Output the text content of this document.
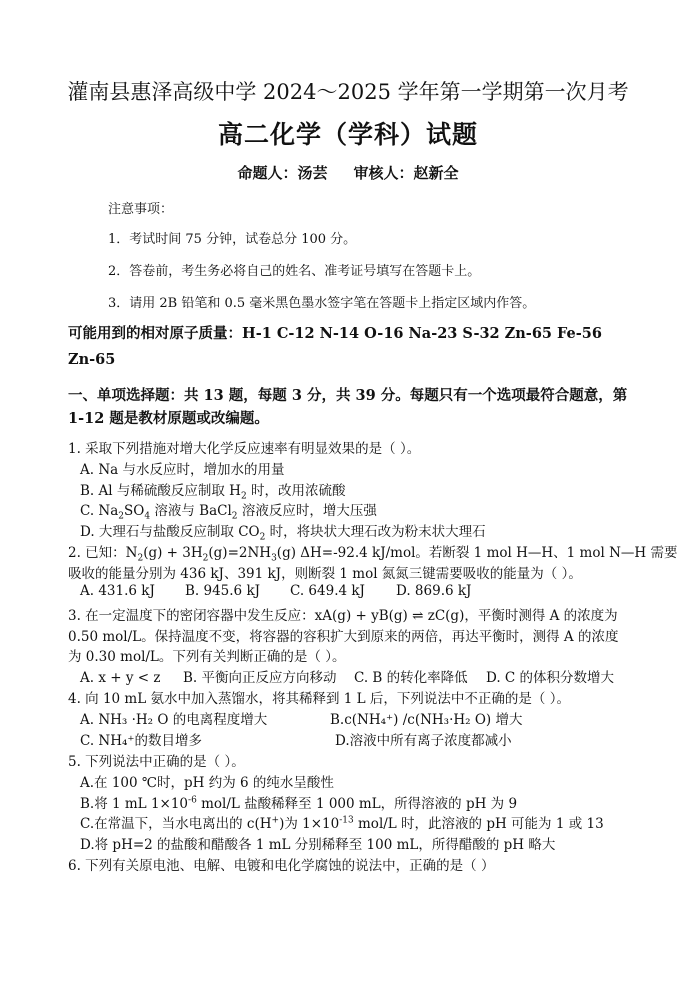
灌南县惠泽高级中学 2024～2025 学年第一学期第一次月考
高二化学（学科）试题
命题人：汤芸 审核人：赵新全
注意事项：
1．考试时间 75 分钟，试卷总分 100 分。
2．答卷前，考生务必将自己的姓名、准考证号填写在答题卡上。
3．请用 2B 铅笔和 0.5 毫米黑色墨水签字笔在答题卡上指定区域内作答。
可能用到的相对原子质量：H-1 C-12 N-14 O-16 Na-23 S-32 Zn-65 Fe-56
Zn-65
一、单项选择题：共 13 题，每题 3 分，共 39 分。每题只有一个选项最符合题意，第
1-12 题是教材原题或改编题。
1. 采取下列措施对增大化学反应速率有明显效果的是（ ）。
A. Na 与水反应时，增加水的用量
B. Al 与稀硫酸反应制取 $H_2$ 时，改用浓硫酸
C. $Na_2SO_4$ 溶液与 BaCl$_2$ 溶液反应时，增大压强
D. 大理石与盐酸反应制取 $CO_2$ 时，将块状大理石改为粉末状大理石
2. 已知：$N_2(g) + 3H_2(g)=2NH_3(g)$ ΔH=-92.4 kJ/mol。若断裂 1 mol H—H、1 mol N—H 需要
吸收的能量分别为 436 kJ、391 kJ，则断裂 1 mol 氮氮三键需要吸收的能量为（ ）。
A. 431.6 kJ B. 945.6 kJ C. 649.4 kJ D. 869.6 kJ
3. 在一定温度下的密闭容器中发生反应：xA(g) + yB(g) ⇌ zC(g)，平衡时测得 A 的浓度为
0.50 mol/L。保持温度不变，将容器的容积扩大到原来的两倍，再达平衡时，测得 A 的浓度
为 0.30 mol/L。下列有关判断正确的是（ ）。
A. x + y < z B. 平衡向正反应方向移动 C. B 的转化率降低 D. C 的体积分数增大
4. 向 10 mL 氨水中加入蒸馏水，将其稀释到 1 L 后，下列说法中不正确的是（ ）。
A. NH₃ ·H₂ O 的电离程度增大	B.c(NH₄⁺) /c(NH₃·H₂ O) 增大
C. NH₄⁺的数目增多	D.溶液中所有离子浓度都减小
5. 下列说法中正确的是（ ）。
A.在 100 ℃时，pH 约为 6 的纯水呈酸性
B.将 1 mL $1\times 10^{-6}$ mol/L 盐酸稀释至 1 000 mL，所得溶液的 pH 为 9
C.在常温下，当水电离出的 c(H+)为 $1\times 10^{-13}$ mol/L 时，此溶液的 pH 可能为 1 或 13
D.将 pH=2 的盐酸和醋酸各 1 mL 分别稀释至 100 mL，所得醋酸的 pH 略大
6. 下列有关原电池、电解、电镀和电化学腐蚀的说法中，正确的是（ ）
